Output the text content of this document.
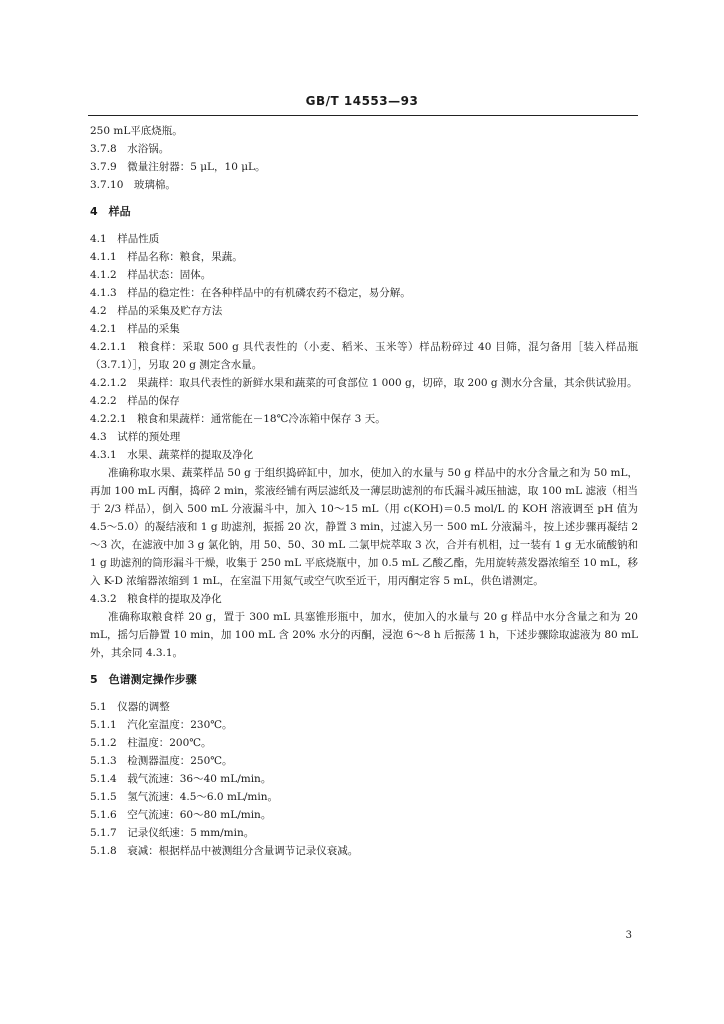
GB/T 14553—93
250 mL平底烧瓶。
3.7.8　水浴锅。
3.7.9　微量注射器：5 μL，10 μL。
3.7.10　玻璃棉。
4　样品
4.1　样品性质
4.1.1　样品名称：粮食，果蔬。
4.1.2　样品状态：固体。
4.1.3　样品的稳定性：在各种样品中的有机磷农药不稳定，易分解。
4.2　样品的采集及贮存方法
4.2.1　样品的采集
4.2.1.1　粮食样：采取 500 g 具代表性的（小麦、稻米、玉米等）样品粉碎过 40 目筛，混匀备用［装入样品瓶（3.7.1）］，另取 20 g 测定含水量。
4.2.1.2　果蔬样：取具代表性的新鲜水果和蔬菜的可食部位 1 000 g，切碎，取 200 g 测水分含量，其余供试验用。
4.2.2　样品的保存
4.2.2.1　粮食和果蔬样：通常能在－18℃冷冻箱中保存 3 天。
4.3　试样的预处理
4.3.1　水果、蔬菜样的提取及净化
准确称取水果、蔬菜样品 50 g 于组织捣碎缸中，加水，使加入的水量与 50 g 样品中的水分含量之和为 50 mL，再加 100 mL 丙酮，捣碎 2 min，浆液经铺有两层滤纸及一薄层助滤剂的布氏漏斗减压抽滤，取 100 mL 滤液（相当于 2/3 样品），倒入 500 mL 分液漏斗中，加入 10～15 mL（用 c(KOH)＝0.5 mol/L 的 KOH 溶液调至 pH 值为 4.5～5.0）的凝结液和 1 g 助滤剂，振摇 20 次，静置 3 min，过滤入另一 500 mL 分液漏斗，按上述步骤再凝结 2～3 次，在滤液中加 3 g 氯化钠，用 50、50、30 mL 二氯甲烷萃取 3 次，合并有机相，过一装有 1 g 无水硫酸钠和 1 g 助滤剂的筒形漏斗干燥，收集于 250 mL 平底烧瓶中，加 0.5 mL 乙酸乙酯，先用旋转蒸发器浓缩至 10 mL，移入 K-D 浓缩器浓缩到 1 mL，在室温下用氮气或空气吹至近干，用丙酮定容 5 mL，供色谱测定。
4.3.2　粮食样的提取及净化
准确称取粮食样 20 g，置于 300 mL 具塞锥形瓶中，加水，使加入的水量与 20 g 样品中水分含量之和为 20 mL，摇匀后静置 10 min，加 100 mL 含 20% 水分的丙酮，浸泡 6～8 h 后振荡 1 h，下述步骤除取滤液为 80 mL 外，其余同 4.3.1。
5　色谱测定操作步骤
5.1　仪器的调整
5.1.1　汽化室温度：230℃。
5.1.2　柱温度：200℃。
5.1.3　检测器温度：250℃。
5.1.4　载气流速：36～40 mL/min。
5.1.5　氢气流速：4.5～6.0 mL/min。
5.1.6　空气流速：60～80 mL/min。
5.1.7　记录仪纸速：5 mm/min。
5.1.8　衰减：根据样品中被测组分含量调节记录仪衰减。
3
